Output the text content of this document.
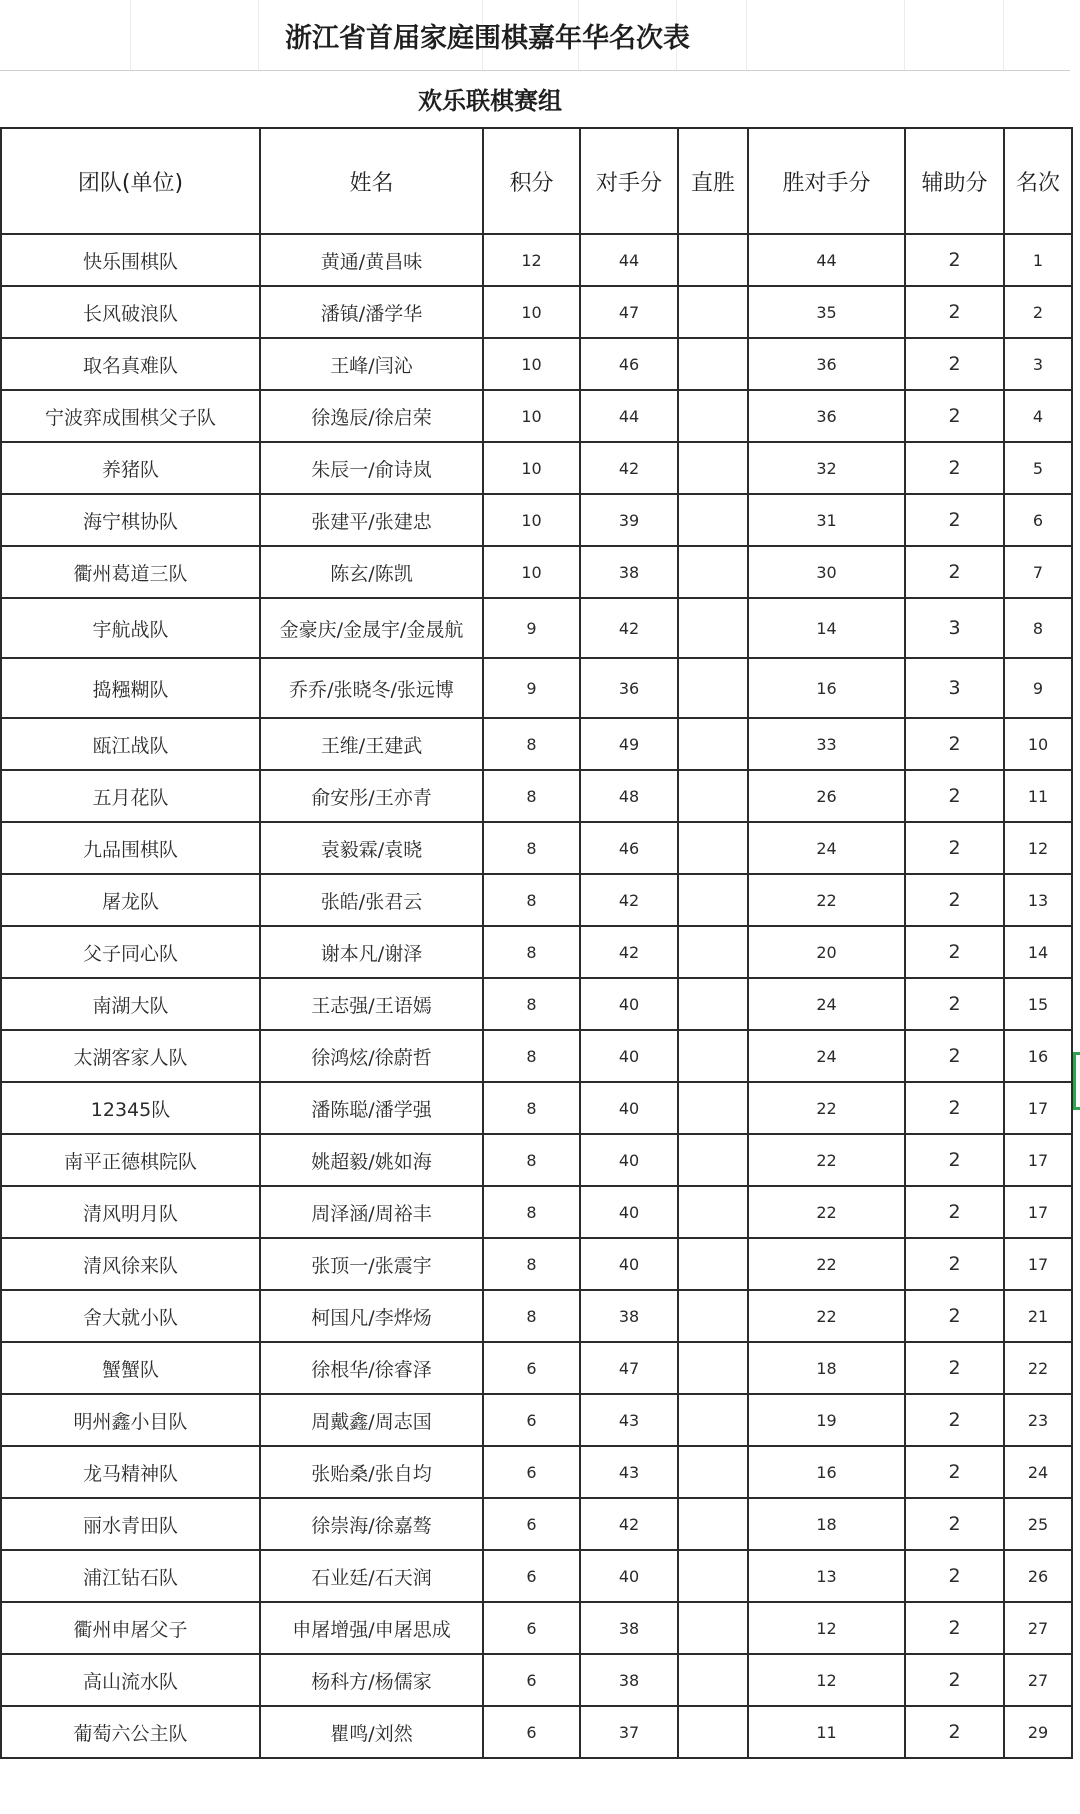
浙江省首届家庭围棋嘉年华名次表
欢乐联棋赛组
团队(单位)	姓名	积分	对手分	直胜	胜对手分	辅助分	名次
快乐围棋队	黄通/黄昌味	12	44		44	2	1
长风破浪队	潘镇/潘学华	10	47		35	2	2
取名真难队	王峰/闫沁	10	46		36	2	3
宁波弈成围棋父子队	徐逸辰/徐启荣	10	44		36	2	4
养猪队	朱辰一/俞诗岚	10	42		32	2	5
海宁棋协队	张建平/张建忠	10	39		31	2	6
衢州葛道三队	陈玄/陈凯	10	38		30	2	7
宇航战队	金豪庆/金晟宇/金晟航	9	42		14	3	8
捣糨糊队	乔乔/张晓冬/张远博	9	36		16	3	9
瓯江战队	王维/王建武	8	49		33	2	10
五月花队	俞安彤/王亦青	8	48		26	2	11
九品围棋队	袁毅霖/袁晓	8	46		24	2	12
屠龙队	张皓/张君云	8	42		22	2	13
父子同心队	谢本凡/谢泽	8	42		20	2	14
南湖大队	王志强/王语嫣	8	40		24	2	15
太湖客家人队	徐鸿炫/徐蔚哲	8	40		24	2	16
12345队	潘陈聪/潘学强	8	40		22	2	17
南平正德棋院队	姚超毅/姚如海	8	40		22	2	17
清风明月队	周泽涵/周裕丰	8	40		22	2	17
清风徐来队	张顶一/张震宇	8	40		22	2	17
舍大就小队	柯国凡/李烨炀	8	38		22	2	21
蟹蟹队	徐根华/徐睿泽	6	47		18	2	22
明州鑫小目队	周戴鑫/周志国	6	43		19	2	23
龙马精神队	张贻桑/张自均	6	43		16	2	24
丽水青田队	徐崇海/徐嘉骜	6	42		18	2	25
浦江钻石队	石业廷/石天润	6	40		13	2	26
衢州申屠父子	申屠增强/申屠思成	6	38		12	2	27
高山流水队	杨科方/杨儒家	6	38		12	2	27
葡萄六公主队	瞿鸣/刘然	6	37		11	2	29
